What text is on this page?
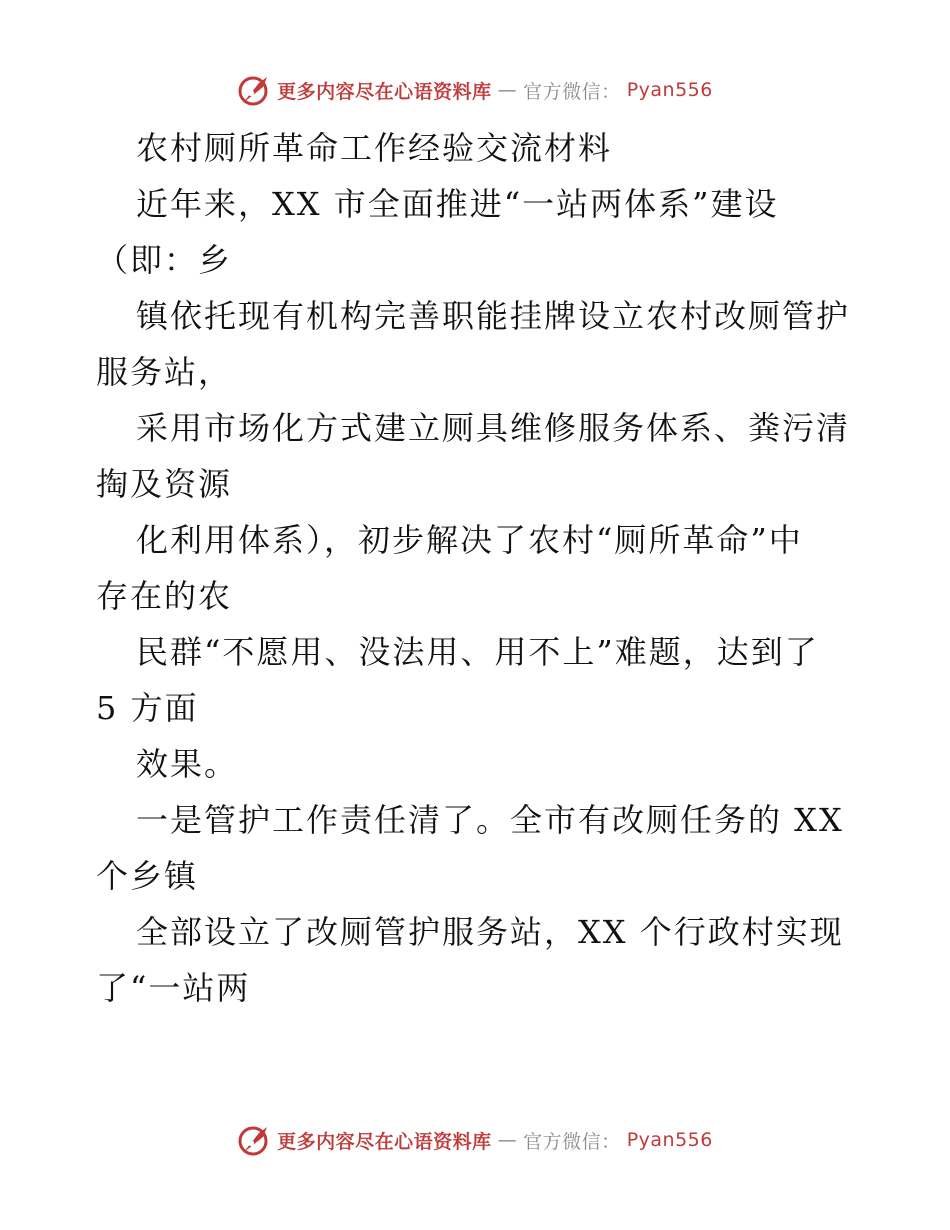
更多内容尽在心语资料库 — 官方微信： Pyan556
农村厕所革命工作经验交流材料
近年来，XX 市全面推进“一站两体系”建设
（即：乡
镇依托现有机构完善职能挂牌设立农村改厕管护
服务站，
采用市场化方式建立厕具维修服务体系、粪污清
掏及资源
化利用体系），初步解决了农村“厕所革命”中
存在的农
民群“不愿用、没法用、用不上”难题，达到了
5 方面
效果。
一是管护工作责任清了。全市有改厕任务的 XX
个乡镇
全部设立了改厕管护服务站，XX 个行政村实现
了“一站两
更多内容尽在心语资料库 — 官方微信： Pyan556
